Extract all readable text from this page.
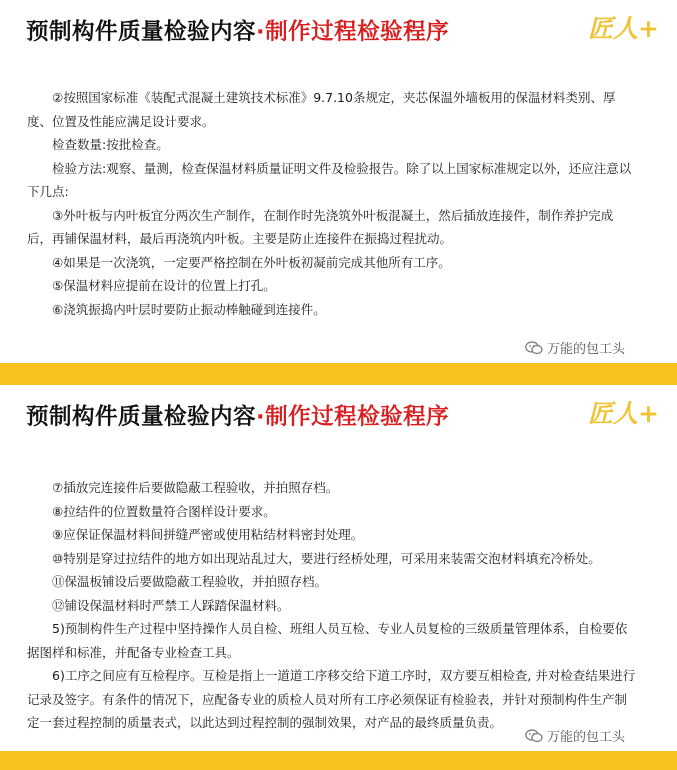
预制构件质量检验内容·制作过程检验程序	匠人+

②按照国家标准《装配式混凝土建筑技术标准》9.7.10条规定，夹芯保温外墙板用的保温材料类别、厚度、位置及性能应满足设计要求。

检查数量:按批检查。

检验方法:观察、量测，检查保温材料质量证明文件及检验报告。除了以上国家标准规定以外，还应注意以下几点:

③外叶板与内叶板宜分两次生产制作，在制作时先浇筑外叶板混凝土，然后插放连接件，制作养护完成后，再铺保温材料，最后再浇筑内叶板。主要是防止连接件在振捣过程扰动。

④如果是一次浇筑，一定要严格控制在外叶板初凝前完成其他所有工序。

⑤保温材料应提前在设计的位置上打孔。

⑥浇筑振捣内叶层时要防止振动棒触碰到连接件。

万能的包工头
预制构件质量检验内容·制作过程检验程序	匠人+

⑦插放完连接件后要做隐蔽工程验收，并拍照存档。

⑧拉结件的位置数量符合图样设计要求。

⑨应保证保温材料间拼缝严密或使用粘结材料密封处理。

⑩特别是穿过拉结件的地方如出现站乱过大，要进行经桥处理，可采用来装需交泡材料填充冷桥处。

⑪保温板铺设后要做隐蔽工程验收，并拍照存档。

⑫铺设保温材料时严禁工人踩踏保温材料。

5)预制构件生产过程中坚持操作人员自检、班组人员互检、专业人员复检的三级质量管理体系，自检要依据图样和标准，并配备专业检查工具。

6)工序之间应有互检程序。互检是指上一道道工序移交给下道工序时，双方要互相检查, 并对检查结果进行记录及签字。有条件的情况下，应配备专业的质检人员对所有工序必须保证有检验表，并针对预制构件生产制定一套过程控制的质量表式，以此达到过程控制的强制效果，对产品的最终质量负责。

万能的包工头
